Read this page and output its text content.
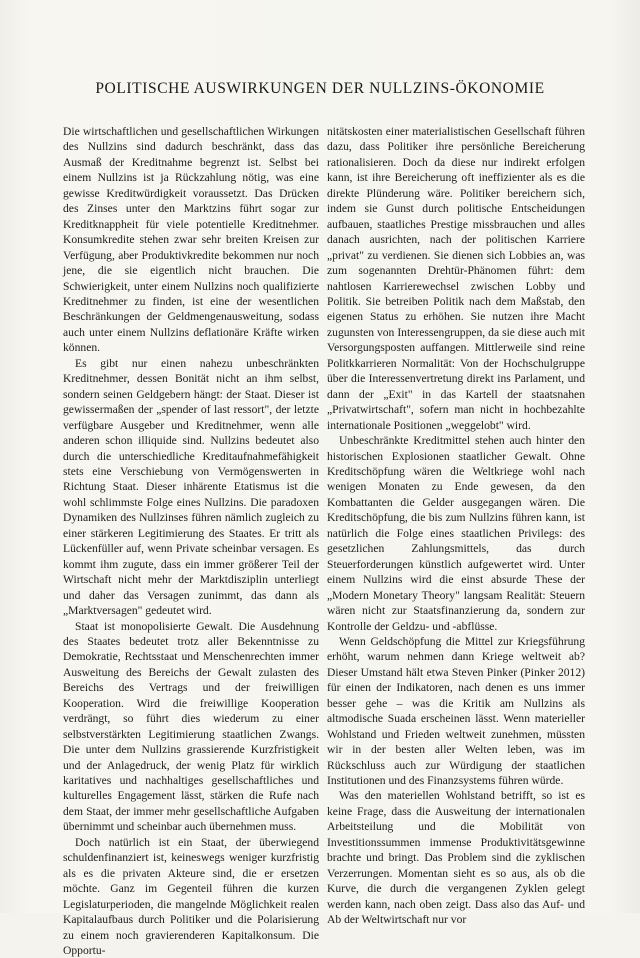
POLITISCHE AUSWIRKUNGEN DER NULLZINS-ÖKONOMIE

Die wirtschaftlichen und gesellschaftlichen Wirkungen des Nullzins sind dadurch beschränkt, dass das Ausmaß der Kreditnahme begrenzt ist. Selbst bei einem Nullzins ist ja Rückzahlung nötig, was eine gewisse Kreditwürdigkeit voraussetzt. Das Drücken des Zinses unter den Marktzins führt sogar zur Kreditknappheit für viele potentielle Kreditnehmer. Konsumkredite stehen zwar sehr breiten Kreisen zur Verfügung, aber Produktivkredite bekommen nur noch jene, die sie eigentlich nicht brauchen. Die Schwierigkeit, unter einem Nullzins noch qualifizierte Kreditnehmer zu finden, ist eine der wesentlichen Beschränkungen der Geldmengenausweitung, sodass auch unter einem Nullzins deflationäre Kräfte wirken können.

Es gibt nur einen nahezu unbeschränkten Kreditnehmer, dessen Bonität nicht an ihm selbst, sondern seinen Geldgebern hängt: der Staat. Dieser ist gewissermaßen der „spender of last ressort", der letzte verfügbare Ausgeber und Kreditnehmer, wenn alle anderen schon illiquide sind. Nullzins bedeutet also durch die unterschiedliche Kreditaufnahmefähigkeit stets eine Verschiebung von Vermögenswerten in Richtung Staat. Dieser inhärente Etatismus ist die wohl schlimmste Folge eines Nullzins. Die paradoxen Dynamiken des Nullzinses führen nämlich zugleich zu einer stärkeren Legitimierung des Staates. Er tritt als Lückenfüller auf, wenn Private scheinbar versagen. Es kommt ihm zugute, dass ein immer größerer Teil der Wirtschaft nicht mehr der Marktdisziplin unterliegt und daher das Versagen zunimmt, das dann als „Marktversagen" gedeutet wird.

Staat ist monopolisierte Gewalt. Die Ausdehnung des Staates bedeutet trotz aller Bekenntnisse zu Demokratie, Rechtsstaat und Menschenrechten immer Ausweitung des Bereichs der Gewalt zulasten des Bereichs des Vertrags und der freiwilligen Kooperation. Wird die freiwillige Kooperation verdrängt, so führt dies wiederum zu einer selbstverstärkten Legitimierung staatlichen Zwangs. Die unter dem Nullzins grassierende Kurzfristigkeit und der Anlagedruck, der wenig Platz für wirklich karitatives und nachhaltiges gesellschaftliches und kulturelles Engagement lässt, stärken die Rufe nach dem Staat, der immer mehr gesellschaftliche Aufgaben übernimmt und scheinbar auch übernehmen muss.

Doch natürlich ist ein Staat, der überwiegend schuldenfinanziert ist, keineswegs weniger kurzfristig als es die privaten Akteure sind, die er ersetzen möchte. Ganz im Gegenteil führen die kurzen Legislaturperioden, die mangelnde Möglichkeit realen Kapitalaufbaus durch Politiker und die Polarisierung zu einem noch gravierenderen Kapitalkonsum. Die Opportu-

nitätskosten einer materialistischen Gesellschaft führen dazu, dass Politiker ihre persönliche Bereicherung rationalisieren. Doch da diese nur indirekt erfolgen kann, ist ihre Bereicherung oft ineffizienter als es die direkte Plünderung wäre. Politiker bereichern sich, indem sie Gunst durch politische Entscheidungen aufbauen, staatliches Prestige missbrauchen und alles danach ausrichten, nach der politischen Karriere „privat" zu verdienen. Sie dienen sich Lobbies an, was zum sogenannten Drehtür-Phänomen führt: dem nahtlosen Karrierewechsel zwischen Lobby und Politik. Sie betreiben Politik nach dem Maßstab, den eigenen Status zu erhöhen. Sie nutzen ihre Macht zugunsten von Interessengruppen, da sie diese auch mit Versorgungsposten auffangen. Mittlerweile sind reine Politkkarrieren Normalität: Von der Hochschulgruppe über die Interessenvertretung direkt ins Parlament, und dann der „Exit" in das Kartell der staatsnahen „Privatwirtschaft", sofern man nicht in hochbezahlte internationale Positionen „weggelobt" wird.

Unbeschränkte Kreditmittel stehen auch hinter den historischen Explosionen staatlicher Gewalt. Ohne Kreditschöpfung wären die Weltkriege wohl nach wenigen Monaten zu Ende gewesen, da den Kombattanten die Gelder ausgegangen wären. Die Kreditschöpfung, die bis zum Nullzins führen kann, ist natürlich die Folge eines staatlichen Privilegs: des gesetzlichen Zahlungsmittels, das durch Steuerforderungen künstlich aufgewertet wird. Unter einem Nullzins wird die einst absurde These der „Modern Monetary Theory" langsam Realität: Steuern wären nicht zur Staatsfinanzierung da, sondern zur Kontrolle der Geldzu- und -abflüsse.

Wenn Geldschöpfung die Mittel zur Kriegsführung erhöht, warum nehmen dann Kriege weltweit ab? Dieser Umstand hält etwa Steven Pinker (Pinker 2012) für einen der Indikatoren, nach denen es uns immer besser gehe – was die Kritik am Nullzins als altmodische Suada erscheinen lässt. Wenn materieller Wohlstand und Frieden weltweit zunehmen, müssten wir in der besten aller Welten leben, was im Rückschluss auch zur Würdigung der staatlichen Institutionen und des Finanzsystems führen würde.

Was den materiellen Wohlstand betrifft, so ist es keine Frage, dass die Ausweitung der internationalen Arbeitsteilung und die Mobilität von Investitionssummen immense Produktivitätsgewinne brachte und bringt. Das Problem sind die zyklischen Verzerrungen. Momentan sieht es so aus, als ob die Kurve, die durch die vergangenen Zyklen gelegt werden kann, nach oben zeigt. Dass also das Auf- und Ab der Weltwirtschaft nur vor
